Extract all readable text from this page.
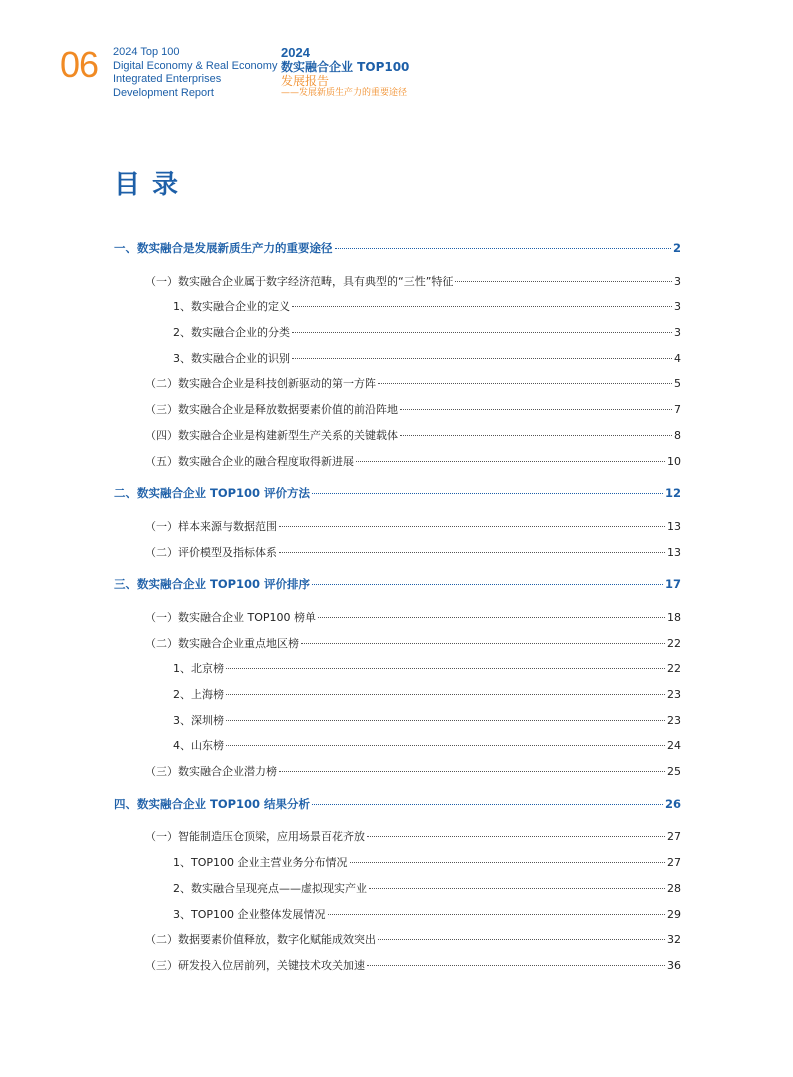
06 2024 Top 100
Digital Economy & Real Economy
Integrated Enterprises
Development Report
2024
数实融合企业 TOP100
发展报告
——发展新质生产力的重要途径
目录
一、数实融合是发展新质生产力的重要途径	2
（一）数实融合企业属于数字经济范畴，具有典型的“三性”特征	3
1、数实融合企业的定义	3
2、数实融合企业的分类	3
3、数实融合企业的识别	4
（二）数实融合企业是科技创新驱动的第一方阵	5
（三）数实融合企业是释放数据要素价值的前沿阵地	7
（四）数实融合企业是构建新型生产关系的关键载体	8
（五）数实融合企业的融合程度取得新进展	10
二、数实融合企业 TOP100 评价方法	12
（一）样本来源与数据范围	13
（二）评价模型及指标体系	13
三、数实融合企业 TOP100 评价排序	17
（一）数实融合企业 TOP100 榜单	18
（二）数实融合企业重点地区榜	22
1、北京榜	22
2、上海榜	23
3、深圳榜	23
4、山东榜	24
（三）数实融合企业潜力榜	25
四、数实融合企业 TOP100 结果分析	26
（一）智能制造压仓顶梁，应用场景百花齐放	27
1、TOP100 企业主营业务分布情况	27
2、数实融合呈现亮点——虚拟现实产业	28
3、TOP100 企业整体发展情况	29
（二）数据要素价值释放，数字化赋能成效突出	32
（三）研发投入位居前列，关键技术攻关加速	36
